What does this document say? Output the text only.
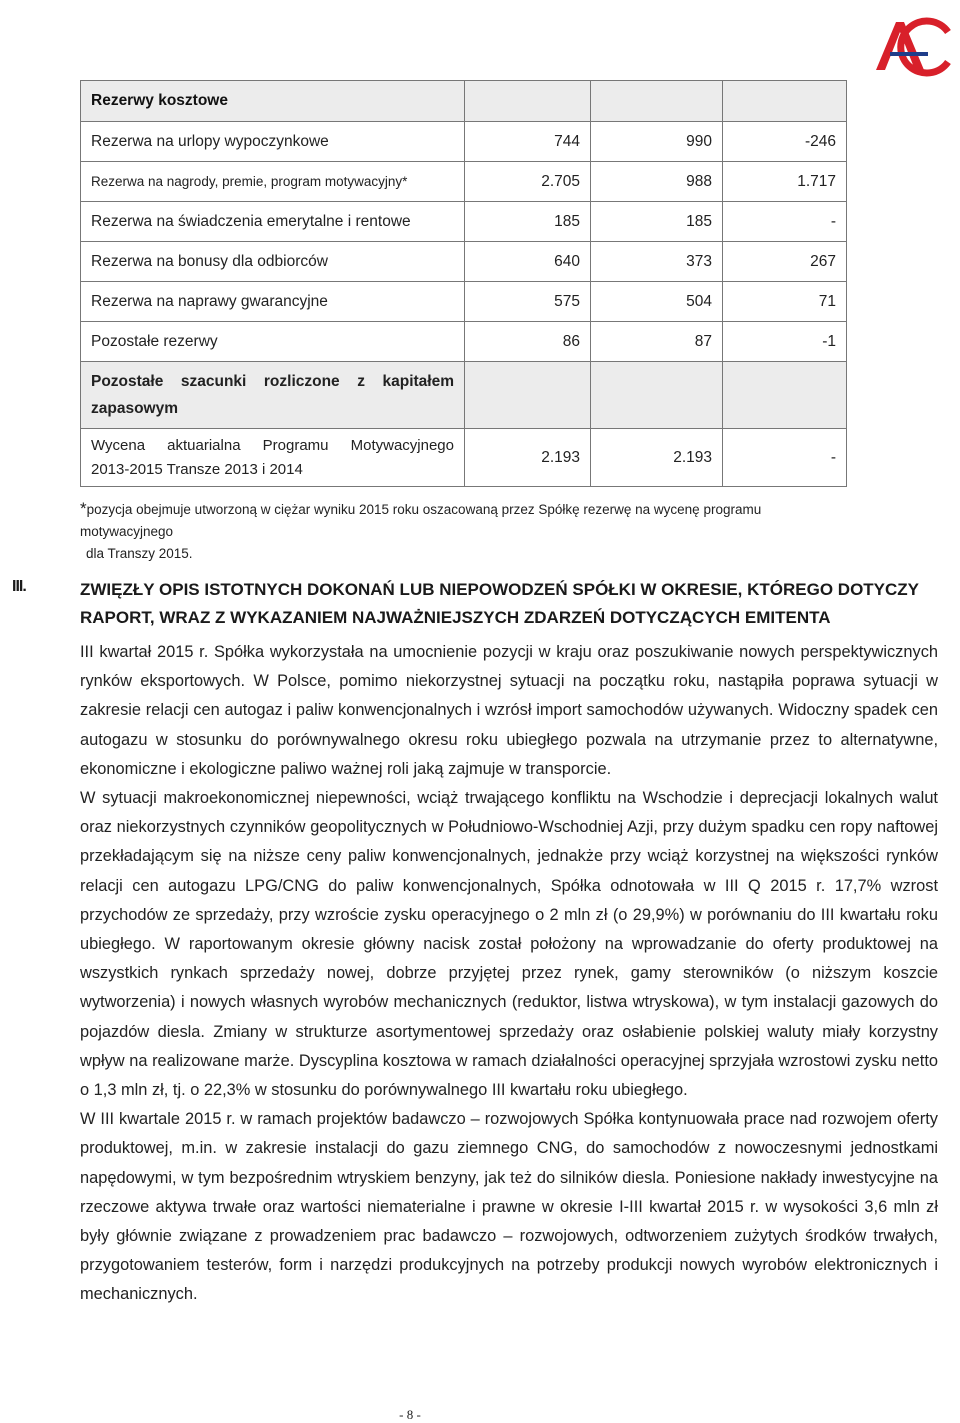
Rezerwy kosztowe			
Rezerwa na urlopy wypoczynkowe	744	990	-246
Rezerwa na nagrody, premie, program motywacyjny*	2.705	988	1.717
Rezerwa na świadczenia emerytalne i rentowe	185	185	-
Rezerwa na bonusy dla odbiorców	640	373	267
Rezerwa na naprawy gwarancyjne	575	504	71
Pozostałe rezerwy	86	87	-1
Pozostałe szacunki rozliczone z kapitałem zapasowym			

Wycena aktuarialna Programu Motywacyjnego
2013-2015 Transze 2013 i 2014	2.193	2.193	-
*pozycja obejmuje utworzoną w ciężar wyniku 2015 roku oszacowaną przez Spółkę rezerwę na wycenę programu motywacyjnego
dla Transzy 2015.
III.	ZWIĘZŁY OPIS ISTOTNYCH DOKONAŃ LUB NIEPOWODZEŃ SPÓŁKI W OKRESIE, KTÓREGO DOTYCZY RAPORT, WRAZ Z WYKAZANIEM NAJWAŻNIEJSZYCH ZDARZEŃ DOTYCZĄCYCH EMITENTA

III kwartał 2015 r. Spółka wykorzystała na umocnienie pozycji w kraju oraz poszukiwanie nowych perspektywicznych rynków eksportowych. W Polsce, pomimo niekorzystnej sytuacji na początku roku, nastąpiła poprawa sytuacji w zakresie relacji cen autogaz i paliw konwencjonalnych i wzrósł import samochodów używanych. Widoczny spadek cen autogazu w stosunku do porównywalnego okresu roku ubiegłego pozwala na utrzymanie przez to alternatywne, ekonomiczne i ekologiczne paliwo ważnej roli jaką zajmuje w transporcie.

W sytuacji makroekonomicznej niepewności, wciąż trwającego konfliktu na Wschodzie i deprecjacji lokalnych walut oraz niekorzystnych czynników geopolitycznych w Południowo-Wschodniej Azji, przy dużym spadku cen ropy naftowej przekładającym się na niższe ceny paliw konwencjonalnych, jednakże przy wciąż korzystnej na większości rynków relacji cen autogazu LPG/CNG do paliw konwencjonalnych, Spółka odnotowała w III Q 2015 r. 17,7% wzrost przychodów ze sprzedaży, przy wzroście zysku operacyjnego o 2 mln zł (o 29,9%) w porównaniu do III kwartału roku ubiegłego. W raportowanym okresie główny nacisk został położony na wprowadzanie do oferty produktowej na wszystkich rynkach sprzedaży nowej, dobrze przyjętej przez rynek, gamy sterowników (o niższym koszcie wytworzenia) i nowych własnych wyrobów mechanicznych (reduktor, listwa wtryskowa), w tym instalacji gazowych do pojazdów diesla. Zmiany w strukturze asortymentowej sprzedaży oraz osłabienie polskiej waluty miały korzystny wpływ na realizowane marże. Dyscyplina kosztowa w ramach działalności operacyjnej sprzyjała wzrostowi zysku netto o 1,3 mln zł, tj. o 22,3% w stosunku do porównywalnego III kwartału roku ubiegłego.

W III kwartale 2015 r. w ramach projektów badawczo – rozwojowych Spółka kontynuowała prace nad rozwojem oferty produktowej, m.in. w zakresie instalacji do gazu ziemnego CNG, do samochodów z nowoczesnymi jednostkami napędowymi, w tym bezpośrednim wtryskiem benzyny, jak też do silników diesla. Poniesione nakłady inwestycyjne na rzeczowe aktywa trwałe oraz wartości niematerialne i prawne w okresie I-III kwartał 2015 r. w wysokości 3,6 mln zł były głównie związane z prowadzeniem prac badawczo – rozwojowych, odtworzeniem zużytych środków trwałych, przygotowaniem testerów, form i narzędzi produkcyjnych na potrzeby produkcji nowych wyrobów elektronicznych i mechanicznych.

- 8 -
